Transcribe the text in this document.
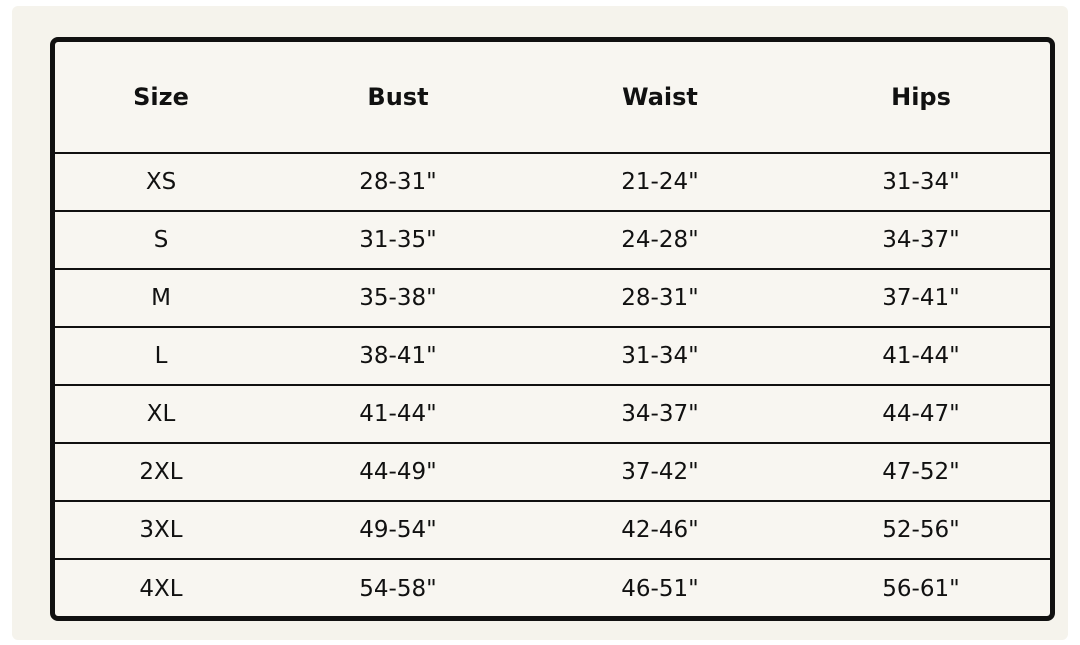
Size	Bust	Waist	Hips
XS	28-31"	21-24"	31-34"
S	31-35"	24-28"	34-37"
M	35-38"	28-31"	37-41"
L	38-41"	31-34"	41-44"
XL	41-44"	34-37"	44-47"
2XL	44-49"	37-42"	47-52"
3XL	49-54"	42-46"	52-56"
4XL	54-58"	46-51"	56-61"
